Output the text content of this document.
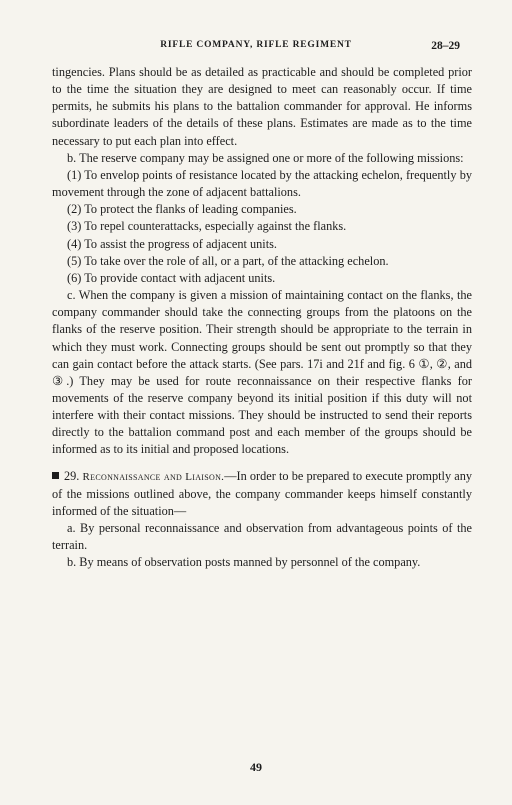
RIFLE COMPANY, RIFLE REGIMENT	28–29

tingencies. Plans should be as detailed as practicable and should be completed prior to the time the situation they are designed to meet can reasonably occur. If time permits, he submits his plans to the battalion commander for approval. He informs subordinate leaders of the details of these plans. Estimates are made as to the time necessary to put each plan into effect.

b. The reserve company may be assigned one or more of the following missions:

(1) To envelop points of resistance located by the attacking echelon, frequently by movement through the zone of adjacent battalions.

(2) To protect the flanks of leading companies.

(3) To repel counterattacks, especially against the flanks.

(4) To assist the progress of adjacent units.

(5) To take over the role of all, or a part, of the attacking echelon.

(6) To provide contact with adjacent units.

c. When the company is given a mission of maintaining contact on the flanks, the company commander should take the connecting groups from the platoons on the flanks of the reserve position. Their strength should be appropriate to the terrain in which they must work. Connecting groups should be sent out promptly so that they can gain contact before the attack starts. (See pars. 17i and 21f and fig. 6 ①, ②, and ③.) They may be used for route reconnaissance on their respective flanks for movements of the reserve company beyond its initial position if this duty will not interfere with their contact missions. They should be instructed to send their reports directly to the battalion command post and each member of the groups should be informed as to its initial and proposed locations.

29. Reconnaissance and Liaison.—In order to be prepared to execute promptly any of the missions outlined above, the company commander keeps himself constantly informed of the situation—

a. By personal reconnaissance and observation from advantageous points of the terrain.

b. By means of observation posts manned by personnel of the company.

49
